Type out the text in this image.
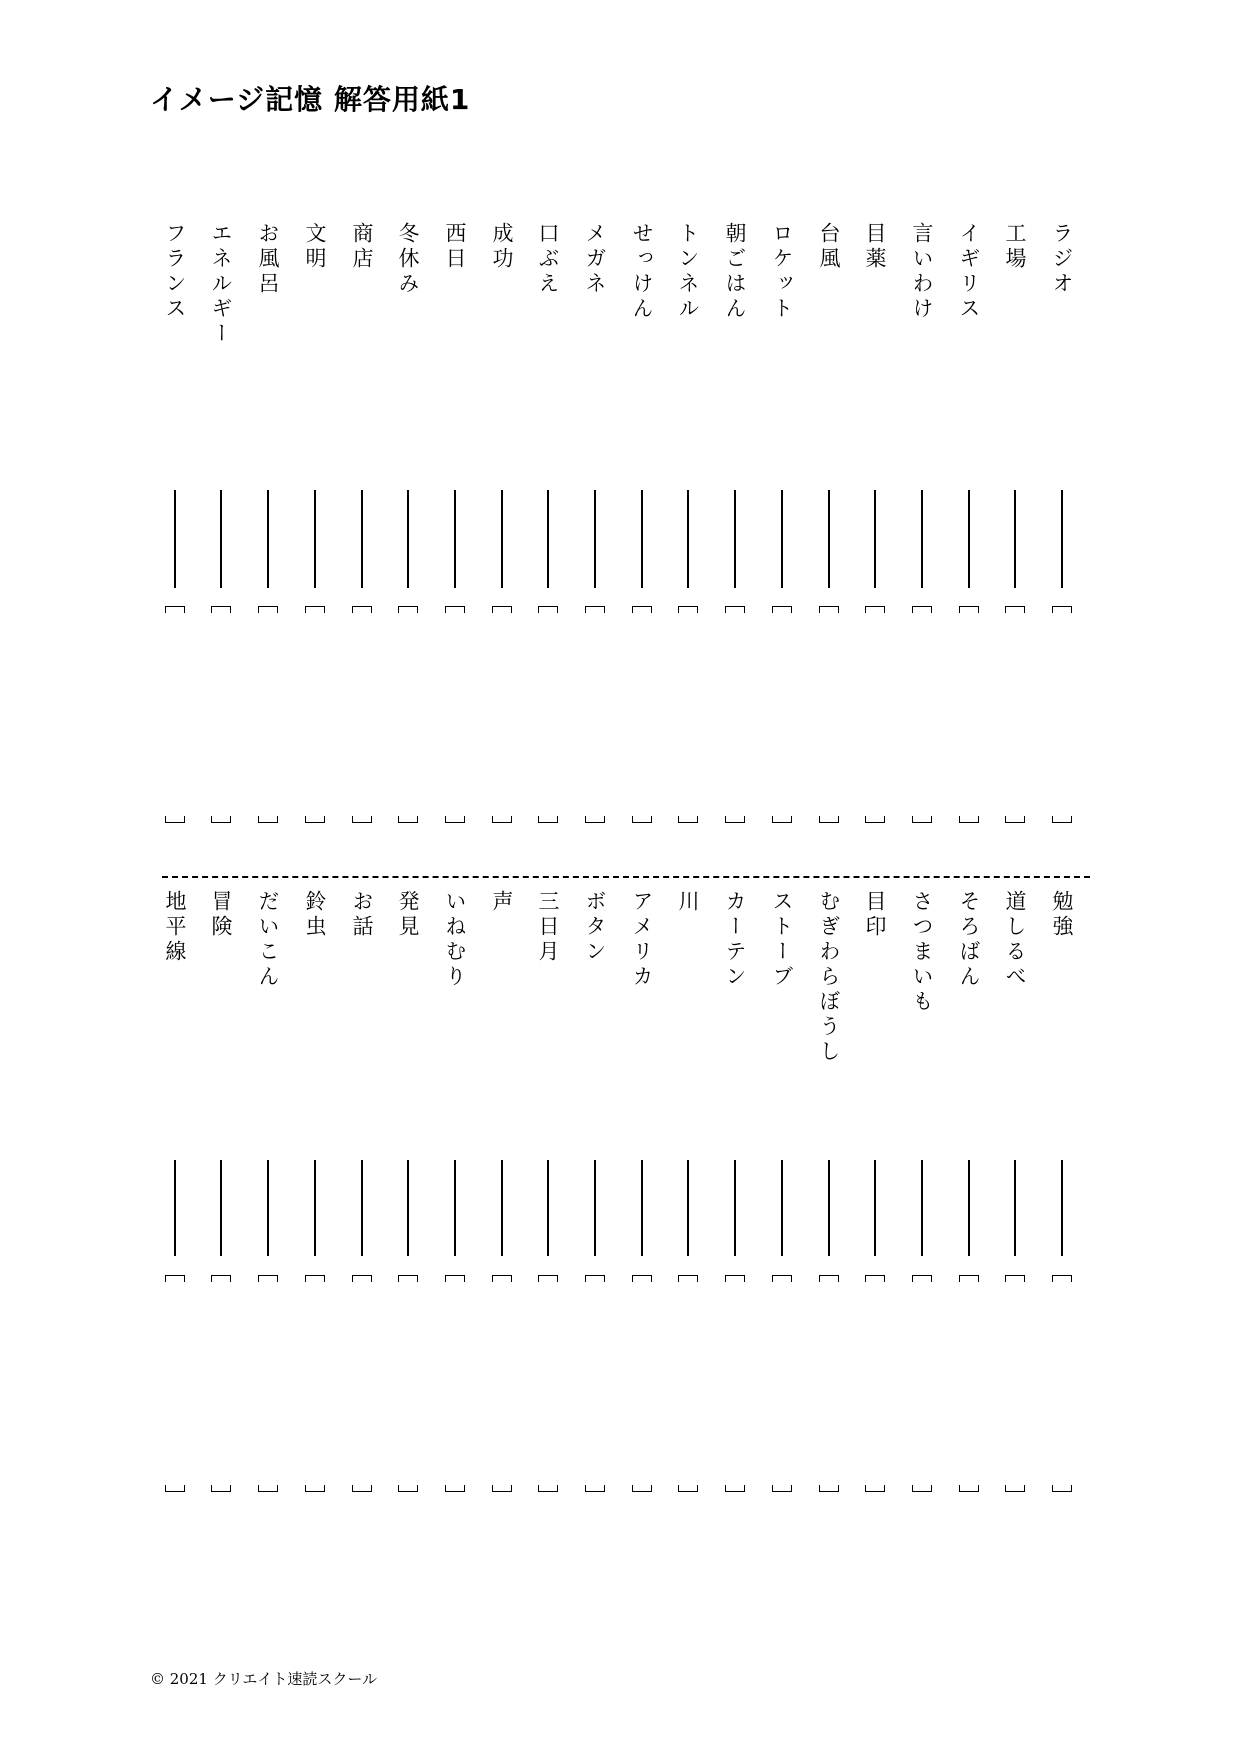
イメージ記憶 解答用紙1
ラジオ
工場
イギリス
言いわけ
目薬
台風
ロケット
朝ごはん
トンネル
せっけん
メガネ
口ぶえ
成功
西日
冬休み
商店
文明
お風呂
エネルギー
フランス
勉強
道しるべ
そろばん
さつまいも
目印
むぎわらぼうし
ストーブ
カーテン
川
アメリカ
ボタン
三日月
声
いねむり
発見
お話
鈴虫
だいこん
冒険
地平線
© 2021 クリエイト速読スクール
